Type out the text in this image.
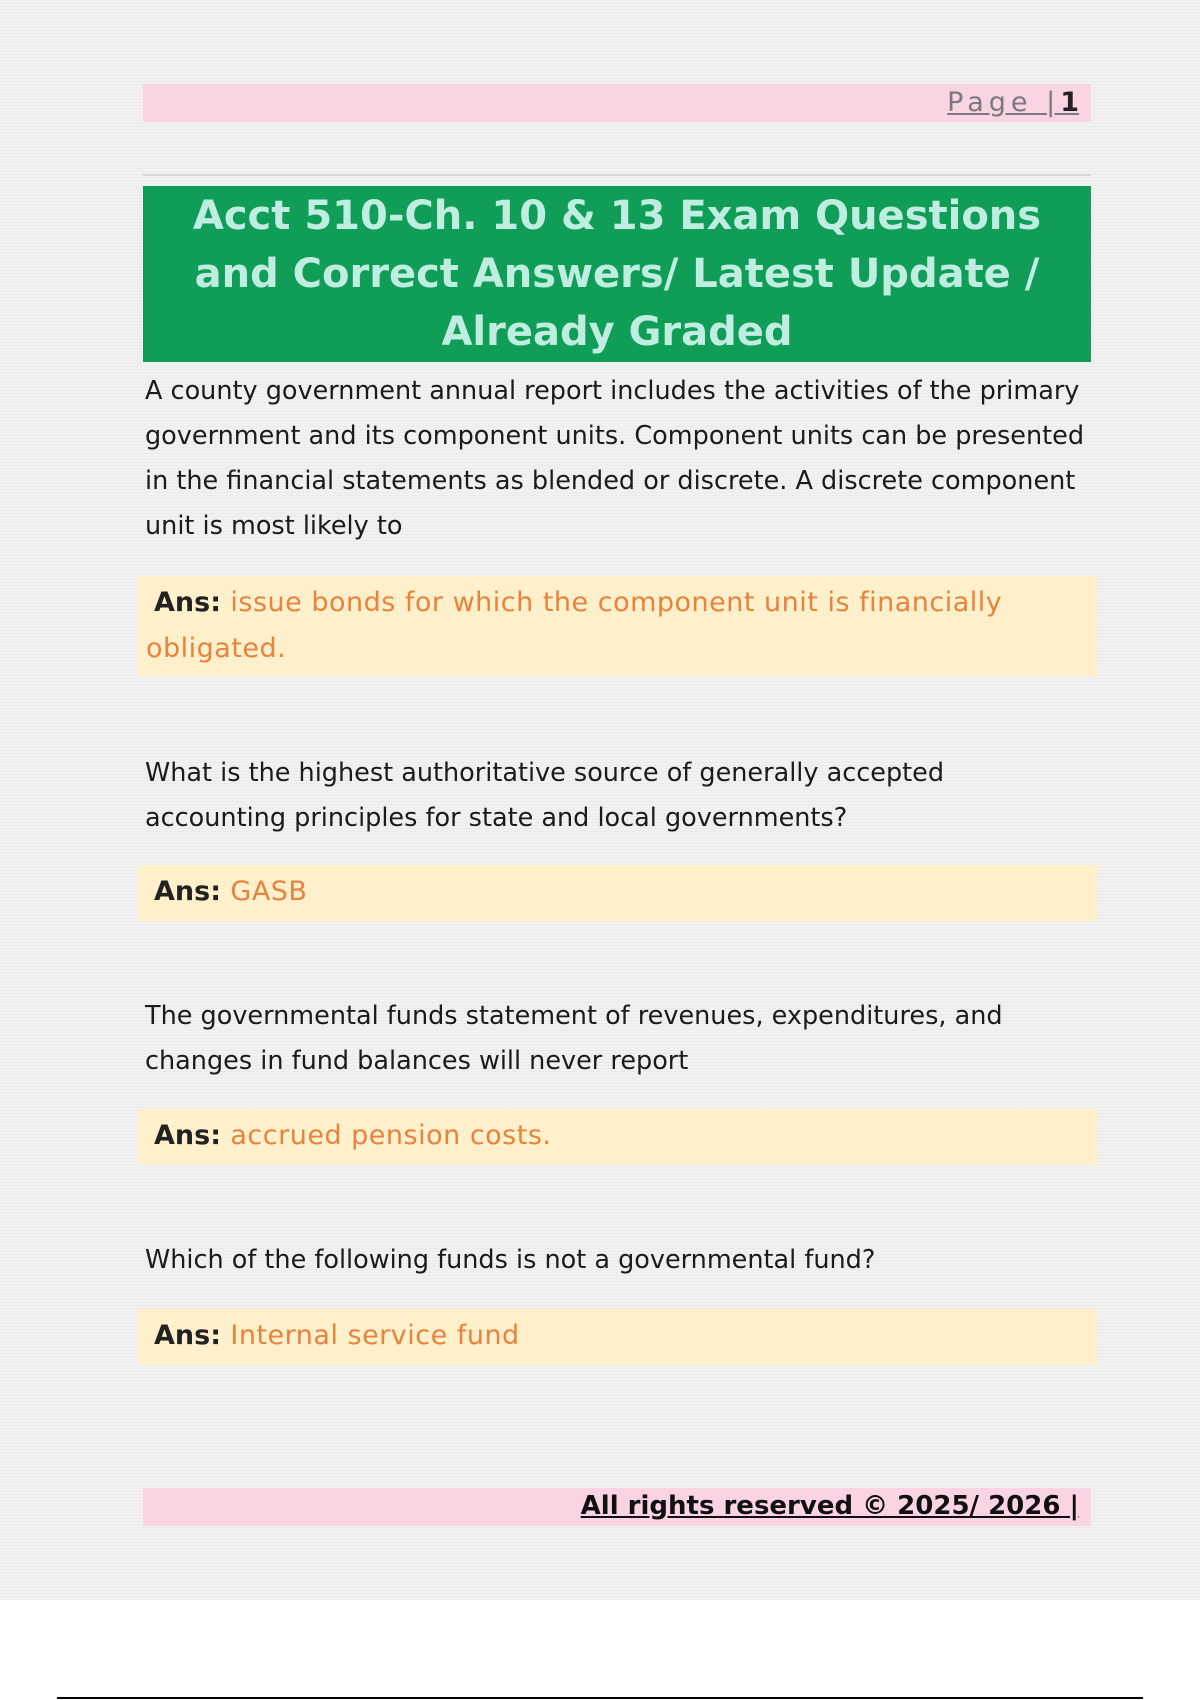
Page |1
Acct 510-Ch. 10 & 13 Exam Questions and Correct Answers/ Latest Update / Already Graded

A county government annual report includes the activities of the primary government and its component units. Component units can be presented in the financial statements as blended or discrete. A discrete component unit is most likely to

Ans: issue bonds for which the component unit is financially obligated.

What is the highest authoritative source of generally accepted accounting principles for state and local governments?

Ans: GASB

The governmental funds statement of revenues, expenditures, and changes in fund balances will never report

Ans: accrued pension costs.

Which of the following funds is not a governmental fund?

Ans: Internal service fund
All rights reserved © 2025/ 2026 |
